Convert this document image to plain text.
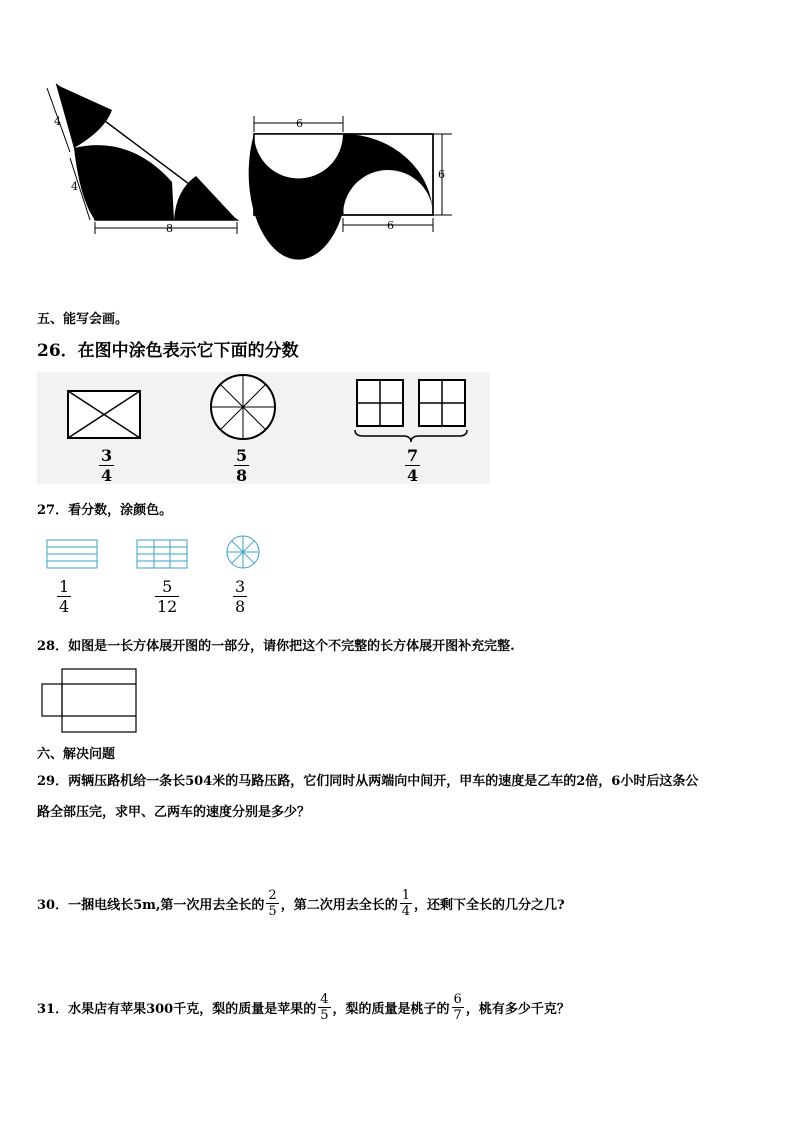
4
4
8
6
6
6
五、能写会画。
26．在图中涂色表示它下面的分数
3
4
5
8
7
4
27．看分数，涂颜色。
1
4
5
12
3
8
28．如图是一长方体展开图的一部分，请你把这个不完整的长方体展开图补充完整.
六、解决问题
29．两辆压路机给一条长504米的马路压路，它们同时从两端向中间开，甲车的速度是乙车的2倍，6小时后这条公
路全部压完，求甲、乙两车的速度分别是多少？
30．一捆电线长5m,第一次用去全长的 $\frac{2}{5}$ ，第二次用去全长的 $\frac{1}{4}$ ，还剩下全长的几分之几?
31．水果店有苹果300千克，梨的质量是苹果的 $\frac{4}{5}$ ，梨的质量是桃子的 $\frac{6}{7}$ ，桃有多少千克？
